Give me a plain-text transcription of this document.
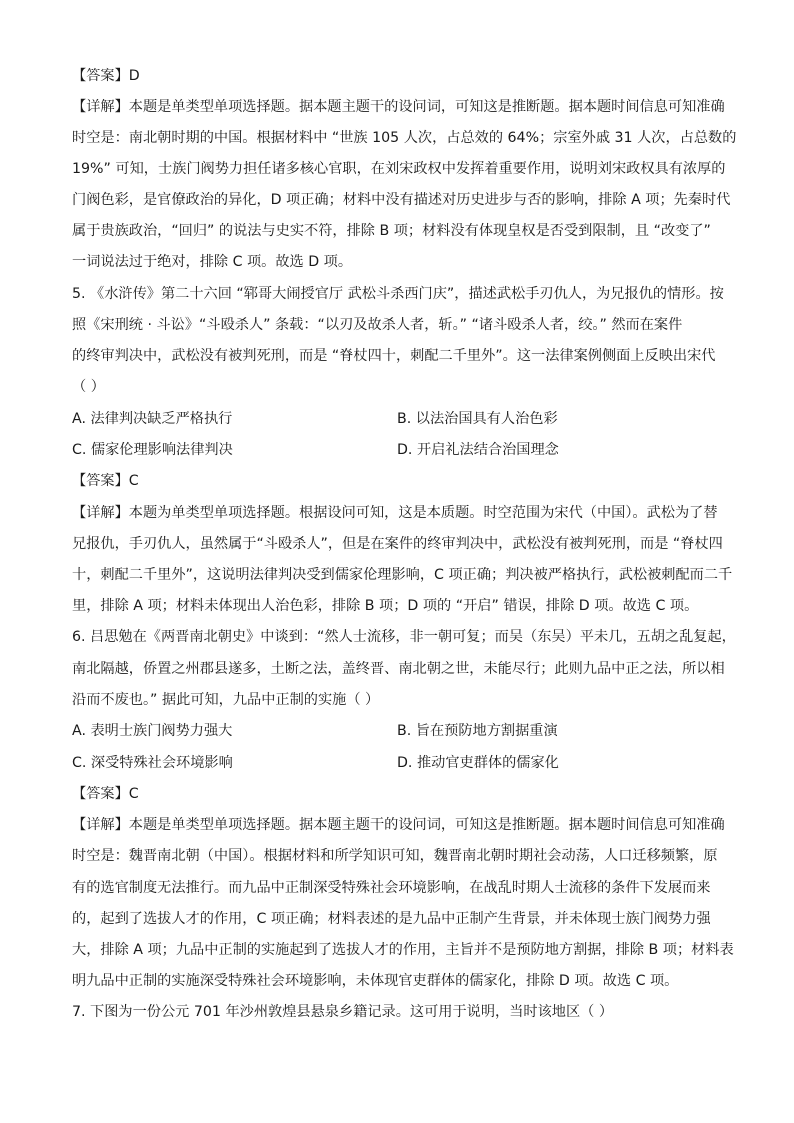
【答案】D
【详解】本题是单类型单项选择题。据本题主题干的设问词，可知这是推断题。据本题时间信息可知准确
时空是：南北朝时期的中国。根据材料中 “世族 105 人次，占总效的 64%；宗室外戚 31 人次，占总数的
19%” 可知，士族门阀势力担任诸多核心官职，在刘宋政权中发挥着重要作用，说明刘宋政权具有浓厚的
门阀色彩，是官僚政治的异化，D 项正确；材料中没有描述对历史进步与否的影响，排除 A 项；先秦时代
属于贵族政治，“回归” 的说法与史实不符，排除 B 项；材料没有体现皇权是否受到限制，且 “改变了”
一词说法过于绝对，排除 C 项。故选 D 项。
5. 《水浒传》第二十六回 “郓哥大闹授官厅 武松斗杀西门庆”，描述武松手刃仇人，为兄报仇的情形。按
照《宋刑统 · 斗讼》“斗殴杀人” 条载：“以刃及故杀人者，斩。” “诸斗殴杀人者，绞。” 然而在案件
的终审判决中，武松没有被判死刑，而是 “脊杖四十，刺配二千里外”。这一法律案例侧面上反映出宋代
（ ）
A. 法律判决缺乏严格执行	B. 以法治国具有人治色彩
C. 儒家伦理影响法律判决	D. 开启礼法结合治国理念
【答案】C
【详解】本题为单类型单项选择题。根据设问可知，这是本质题。时空范围为宋代（中国）。武松为了替
兄报仇，手刃仇人，虽然属于“斗殴杀人”，但是在案件的终审判决中，武松没有被判死刑，而是 “脊杖四
十，刺配二千里外”，这说明法律判决受到儒家伦理影响，C 项正确；判决被严格执行，武松被刺配而二千
里，排除 A 项；材料未体现出人治色彩，排除 B 项；D 项的 “开启” 错误，排除 D 项。故选 C 项。
6. 吕思勉在《两晋南北朝史》中谈到：“然人士流移，非一朝可复；而吴（东吴）平未几，五胡之乱复起，
南北隔越，侨置之州郡县遂多，土断之法，盖终晋、南北朝之世，未能尽行；此则九品中正之法，所以相
沿而不废也。” 据此可知，九品中正制的实施（ ）
A. 表明士族门阀势力强大	B. 旨在预防地方割据重演
C. 深受特殊社会环境影响	D. 推动官吏群体的儒家化
【答案】C
【详解】本题是单类型单项选择题。据本题主题干的设问词，可知这是推断题。据本题时间信息可知准确
时空是：魏晋南北朝（中国）。根据材料和所学知识可知，魏晋南北朝时期社会动荡，人口迁移频繁，原
有的选官制度无法推行。而九品中正制深受特殊社会环境影响，在战乱时期人士流移的条件下发展而来
的，起到了选拔人才的作用，C 项正确；材料表述的是九品中正制产生背景，并未体现士族门阀势力强
大，排除 A 项；九品中正制的实施起到了选拔人才的作用，主旨并不是预防地方割据，排除 B 项；材料表
明九品中正制的实施深受特殊社会环境影响，未体现官吏群体的儒家化，排除 D 项。故选 C 项。
7. 下图为一份公元 701 年沙州敦煌县悬泉乡籍记录。这可用于说明，当时该地区（ ）
